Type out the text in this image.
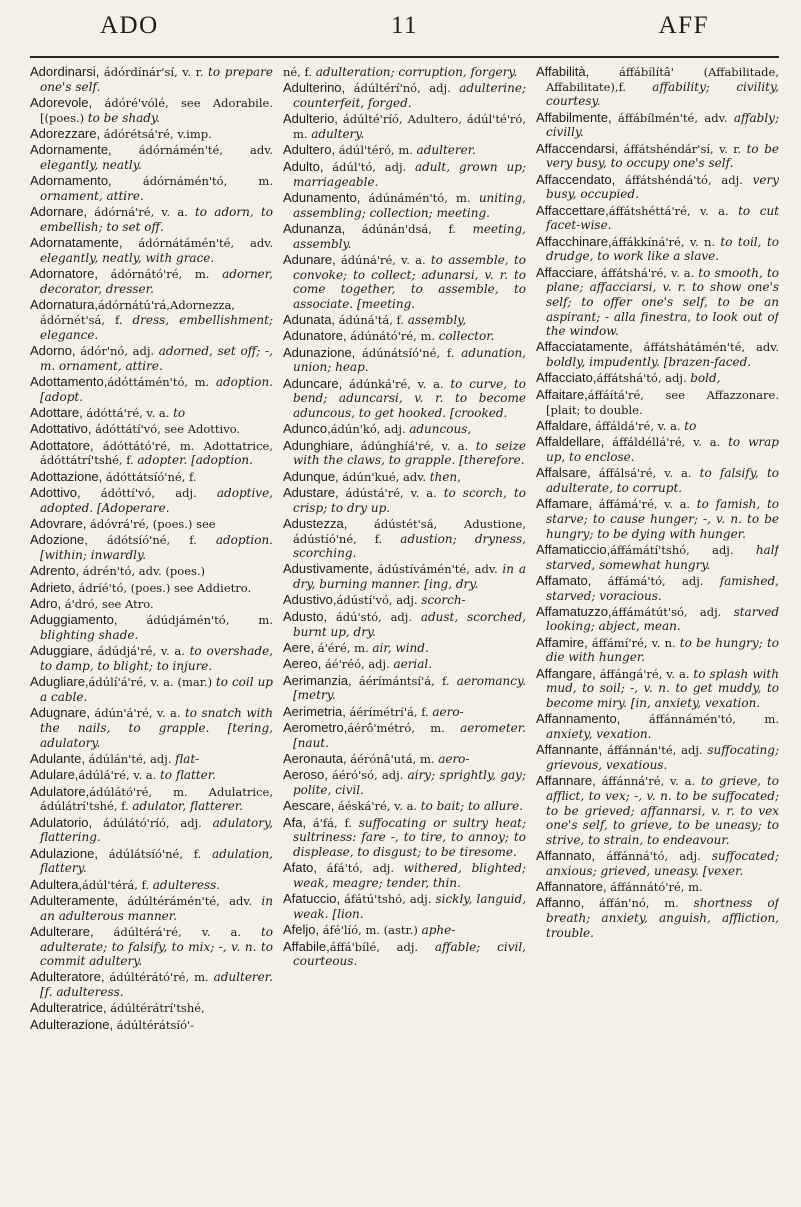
ADO	11	AFF

Adordinarsi, ádórdínár'sí, v. r. to prepare one's self.

Adorevole, ádóré'vólé, see Adorabile. [(poes.) to be shady.

Adorezzare, ádórétsá'ré, v.imp.

Adornamente, ádórnámén'té, adv. elegantly, neatly.

Adornamento, ádórnámén'tó, m. ornament, attire.

Adornare, ádórná'ré, v. a. to adorn, to embellish; to set off.

Adornatamente, ádórnátámén'té, adv. elegantly, neatly, with grace.

Adornatore, ádórnátó'ré, m. adorner, decorator, dresser.

Adornatura,ádórnátú'rá,Adornezza, ádórnét'sá, f. dress, embellishment; elegance.

Adorno, ádór'nó, adj. adorned, set off; -, m. ornament, attire.

Adottamento,ádóttámén'tó, m. adoption. [adopt.

Adottare, ádóttá'ré, v. a. to

Adottativo, ádóttátí'vó, see Adottivo.

Adottatore, ádóttátó'ré, m. Adottatrice, ádóttátrí'tshé, f. adopter. [adoption.

Adottazione, ádóttátsíó'né, f.

Adottivo, ádóttí'vó, adj. adoptive, adopted. [Adoperare.

Adovrare, ádóvrá'ré, (poes.) see

Adozione, ádótsíó'né, f. adoption. [within; inwardly.

Adrento, ádrén'tó, adv. (poes.)

Adrieto, ádríé'tó, (poes.) see Addietro.

Adro, á'dró, see Atro.

Aduggiamento, ádúdjámén'tó, m. blighting shade.

Aduggiare, ádúdjá'ré, v. a. to overshade, to damp, to blight; to injure.

Adugliare,ádúlí'á'ré, v. a. (mar.) to coil up a cable.

Adugnare, ádún'á'ré, v. a. to snatch with the nails, to grapple. [tering, adulatory.

Adulante, ádúlán'té, adj. flat-

Adulare,ádúlá'ré, v. a. to flatter.

Adulatore,ádúlátó'ré, m. Adulatrice, ádúlátrí'tshé, f. adulator, flatterer.

Adulatorio, ádúlátó'ríó, adj. adulatory, flattering.

Adulazione, ádúlátsíó'né, f. adulation, flattery.

Adultera,ádúl'térá, f. adulteress.

Adulteramente, ádúltérámén'té, adv. in an adulterous manner.

Adulterare, ádúltérá'ré, v. a. to adulterate; to falsify, to mix; -, v. n. to commit adultery.

Adulteratore, ádúltérátó'ré, m. adulterer. [f. adulteress.

Adulteratrice, ádúltérátrí'tshé,

Adulterazione, ádúltérátsíó'-

né, f. adulteration; corruption, forgery.

Adulterino, ádúltérí'nó, adj. adulterine; counterfeit, forged.

Adulterio, ádúlté'ríó, Adultero, ádúl'té'ró, m. adultery.

Adultero, ádúl'téró, m. adulterer.

Adulto, ádúl'tó, adj. adult, grown up; marriageable.

Adunamento, ádúnámén'tó, m. uniting, assembling; collection; meeting.

Adunanza, ádúnán'dsá, f. meeting, assembly.

Adunare, ádúná'ré, v. a. to assemble, to convoke; to collect; adunarsi, v. r. to come together, to assemble, to associate. [meeting.

Adunata, ádúná'tá, f. assembly,

Adunatore, ádúnátó'ré, m. collector.

Adunazione, ádúnátsíó'né, f. adunation, union; heap.

Aduncare, ádúnká'ré, v. a. to curve, to bend; aduncarsi, v. r. to become aduncous, to get hooked. [crooked.

Adunco,ádún'kó, adj. aduncous,

Adunghiare, ádúnghíá'ré, v. a. to seize with the claws, to grapple. [therefore.

Adunque, ádún'kué, adv. then,

Adustare, ádústá'ré, v. a. to scorch, to crisp; to dry up.

Adustezza, ádústét'sá, Adustione, ádústíó'né, f. adustion; dryness, scorching.

Adustivamente, ádústívámén'té, adv. in a dry, burning manner. [ing, dry.

Adustivo,ádústí'vó, adj. scorch-

Adusto, ádú'stó, adj. adust, scorched, burnt up, dry.

Aere, á'éré, m. air, wind.

Aereo, áé'réó, adj. aerial.

Aerimanzia, áérímántsí'á, f. aeromancy. [metry.

Aerimetria, áérímétrí'á, f. aero-

Aerometro,áérô'métró, m. aerometer. [naut.

Aeronauta, áérónâ'utá, m. aero-

Aeroso, áéró'só, adj. airy; sprightly, gay; polite, civil.

Aescare, áéská'ré, v. a. to bait; to allure.

Afa, á'fá, f. suffocating or sultry heat; sultriness: fare -, to tire, to annoy; to displease, to disgust; to be tiresome.

Afato, áfá'tó, adj. withered, blighted; weak, meagre; tender, thin.

Afatuccio, áfátú'tshó, adj. sickly, languid, weak. [lion.

Afeljo, áfé'líó, m. (astr.) aphe-

Affabile,áffá'bílé, adj. affable; civil, courteous.

Affabilità, áffábílítâ' (Affabilitade, Affabilitate),f. affability; civility, courtesy.

Affabilmente, áffábílmén'té, adv. affably; civilly.

Affaccendarsi, áffátshéndár'sí, v. r. to be very busy, to occupy one's self.

Affaccendato, áffátshéndá'tó, adj. very busy, occupied.

Affaccettare,áffátshéttá'ré, v. a. to cut facet-wise.

Affacchinare,áffákkíná'ré, v. n. to toil, to drudge, to work like a slave.

Affacciare, áffátshá'ré, v. a. to smooth, to plane; affacciarsi, v. r. to show one's self; to offer one's self, to be an aspirant; - alla finestra, to look out of the window.

Affacciatamente, áffátshátámén'té, adv. boldly, impudently. [brazen-faced.

Affacciato,áffátshá'tó, adj. bold,

Affaitare,áffáítá'ré, see Affazzonare. [plait; to double.

Affaldare, áffáldá'ré, v. a. to

Affaldellare, áffáldéllá'ré, v. a. to wrap up, to enclose.

Affalsare, áffálsá'ré, v. a. to falsify, to adulterate, to corrupt.

Affamare, áffámá'ré, v. a. to famish, to starve; to cause hunger; -, v. n. to be hungry; to be dying with hunger.

Affamaticcio,áffámátí'tshó, adj. half starved, somewhat hungry.

Affamato, áffámá'tó, adj. famished, starved; voracious.

Affamatuzzo,áffámátút'só, adj. starved looking; abject, mean.

Affamire, áffámí'ré, v. n. to be hungry; to die with hunger.

Affangare, áffángá'ré, v. a. to splash with mud, to soil; -, v. n. to get muddy, to become miry. [in, anxiety, vexation.

Affannamento, áffánnámén'tó, m. anxiety, vexation.

Affannante, áffánnán'té, adj. suffocating; grievous, vexatious.

Affannare, áffánná'ré, v. a. to grieve, to afflict, to vex; -, v. n. to be suffocated; to be grieved; affannarsi, v. r. to vex one's self, to grieve, to be uneasy; to strive, to strain, to endeavour.

Affannato, áffánná'tó, adj. suffocated; anxious; grieved, uneasy. [vexer.

Affannatore, áffánnátó'ré, m.

Affanno, áffán'nó, m. shortness of breath; anxiety, anguish, affliction, trouble.
